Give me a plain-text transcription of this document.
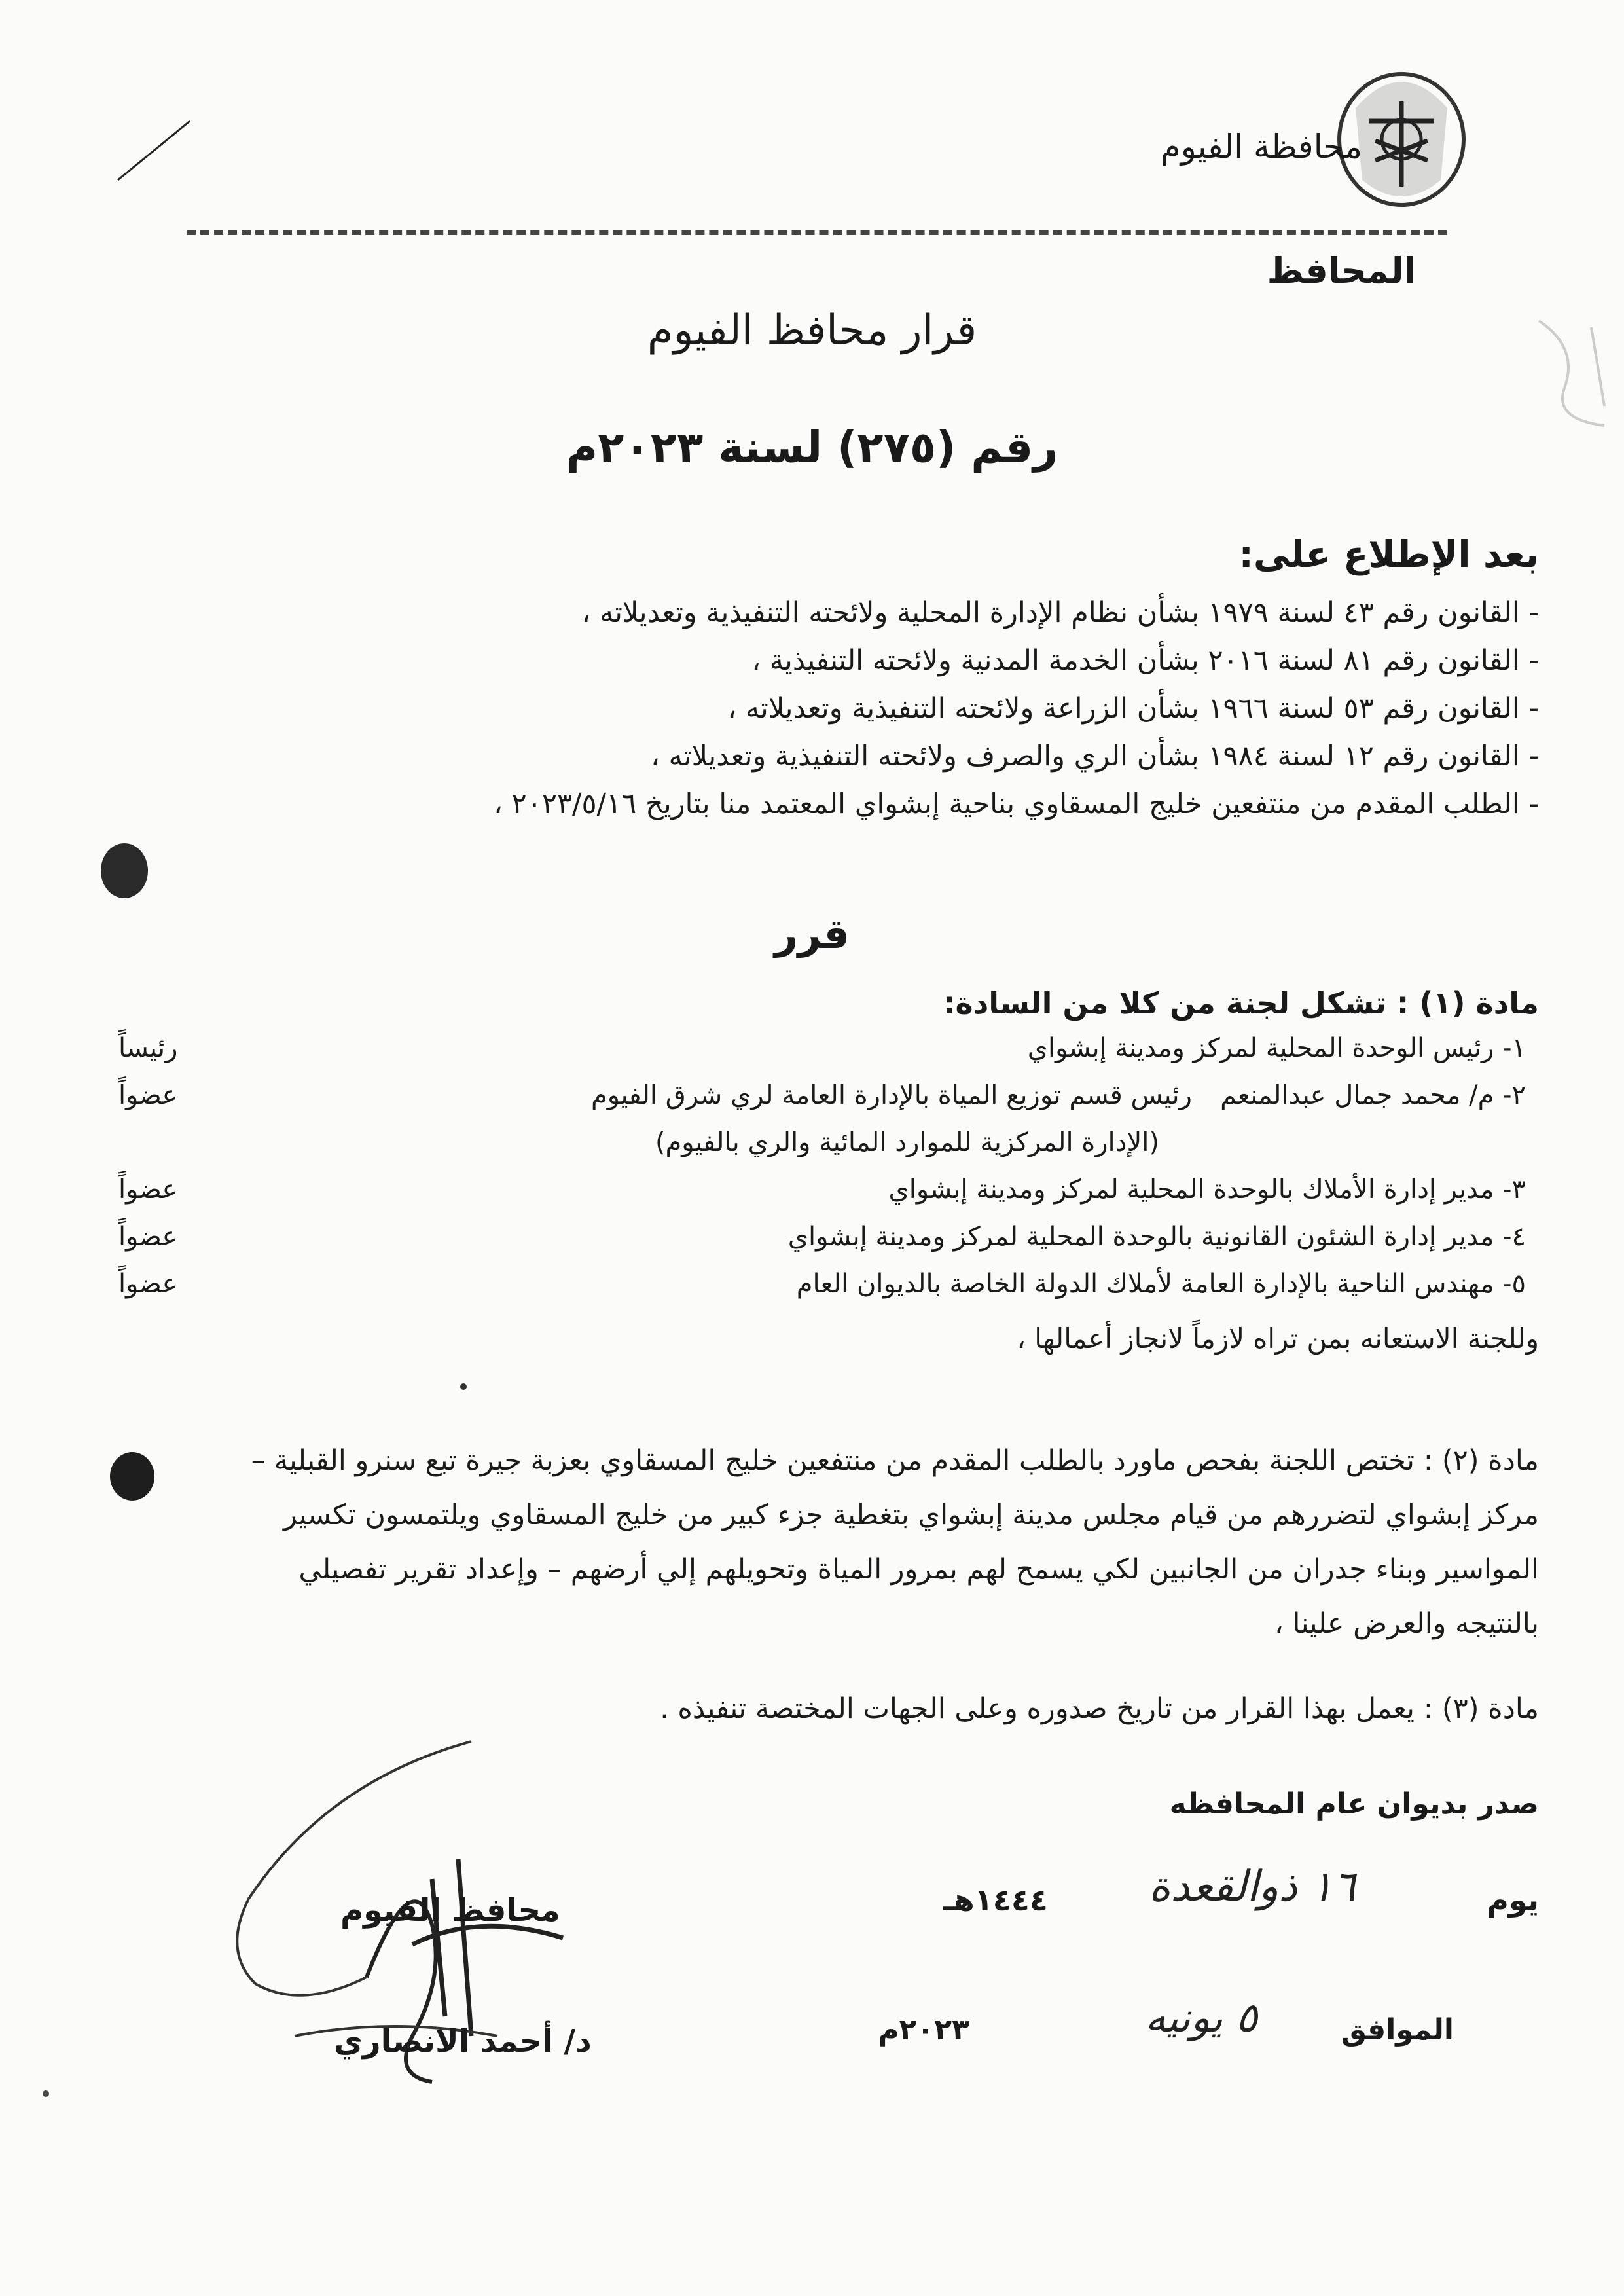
محافظة الفيوم
المحافظ
قرار محافظ الفيوم
رقم (٢٧٥) لسنة ٢٠٢٣م
بعد الإطلاع على:
- القانون رقم ٤٣ لسنة ١٩٧٩ بشأن نظام الإدارة المحلية ولائحته التنفيذية وتعديلاته ،
- القانون رقم ٨١ لسنة ٢٠١٦ بشأن الخدمة المدنية ولائحته التنفيذية ،
- القانون رقم ٥٣ لسنة ١٩٦٦ بشأن الزراعة ولائحته التنفيذية وتعديلاته ،
- القانون رقم ١٢ لسنة ١٩٨٤ بشأن الري والصرف ولائحته التنفيذية وتعديلاته ،
- الطلب المقدم من منتفعين خليج المسقاوي بناحية إبشواي المعتمد منا بتاريخ ٢٠٢٣/٥/١٦ ،
قرر
مادة (١) : تشكل لجنة من كلا من السادة:
١- رئيس الوحدة المحلية لمركز ومدينة إبشواي
رئيساً
٢- م/ محمد جمال عبدالمنعم
رئيس قسم توزيع المياة بالإدارة العامة لري شرق الفيوم
عضواً
(الإدارة المركزية للموارد المائية والري بالفيوم)
٣- مدير إدارة الأملاك بالوحدة المحلية لمركز ومدينة إبشواي
عضواً
٤- مدير إدارة الشئون القانونية بالوحدة المحلية لمركز ومدينة إبشواي
عضواً
٥- مهندس الناحية بالإدارة العامة لأملاك الدولة الخاصة بالديوان العام
عضواً
وللجنة الاستعانه بمن تراه لازماً لانجاز أعمالها ،
مادة (٢) : تختص اللجنة بفحص ماورد بالطلب المقدم من منتفعين خليج المسقاوي بعزبة جيرة تبع سنرو القبلية – مركز إبشواي لتضررهم من قيام مجلس مدينة إبشواي بتغطية جزء كبير من خليج المسقاوي ويلتمسون تكسير المواسير وبناء جدران من الجانبين لكي يسمح لهم بمرور المياة وتحويلهم إلي أرضهم – وإعداد تقرير تفصيلي بالنتيجه والعرض علينا ،
مادة (٣) : يعمل بهذا القرار من تاريخ صدوره وعلى الجهات المختصة تنفيذه .
صدر بديوان عام المحافظه
يوم
١٦ ذوالقعدة
١٤٤٤هـ
الموافق
٥ يونيه
٢٠٢٣م
محافظ الفيوم
د/ أحمد الانصاري
